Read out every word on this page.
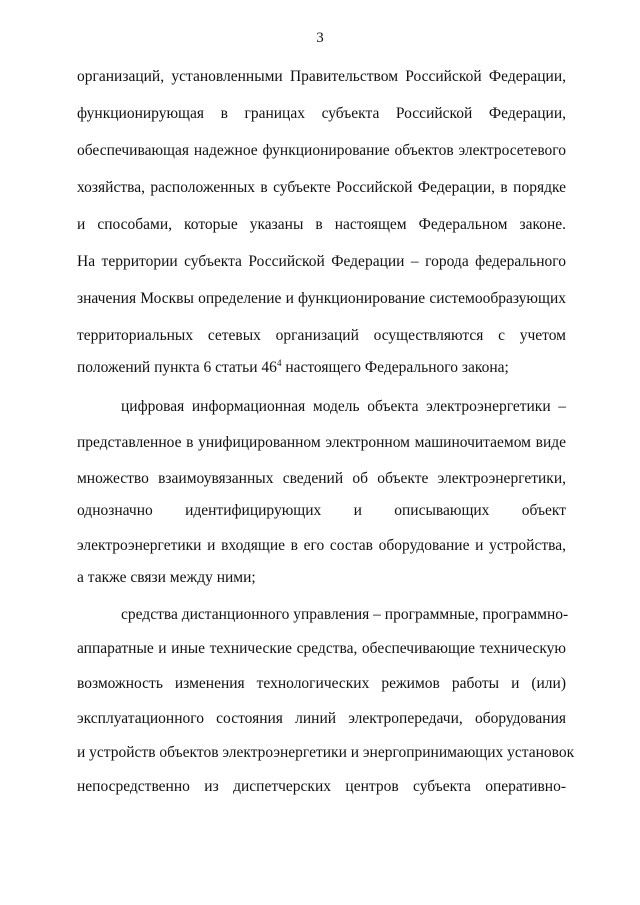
3
организаций, установленными Правительством Российской Федерации,
функционирующая в границах субъекта Российской Федерации,
обеспечивающая надежное функционирование объектов электросетевого
хозяйства, расположенных в субъекте Российской Федерации, в порядке
и способами, которые указаны в настоящем Федеральном законе.
На территории субъекта Российской Федерации – города федерального
значения Москвы определение и функционирование системообразующих
территориальных сетевых организаций осуществляются с учетом
положений пункта 6 статьи $46^4$ настоящего Федерального закона;
цифровая информационная модель объекта электроэнергетики –
представленное в унифицированном электронном машиночитаемом виде
множество взаимоувязанных сведений об объекте электроэнергетики,
однозначно идентифицирующих и описывающих объект
электроэнергетики и входящие в его состав оборудование и устройства,
а также связи между ними;
средства дистанционного управления – программные, программно-
аппаратные и иные технические средства, обеспечивающие техническую
возможность изменения технологических режимов работы и (или)
эксплуатационного состояния линий электропередачи, оборудования
и устройств объектов электроэнергетики и энергопринимающих установок
непосредственно из диспетчерских центров субъекта оперативно-
